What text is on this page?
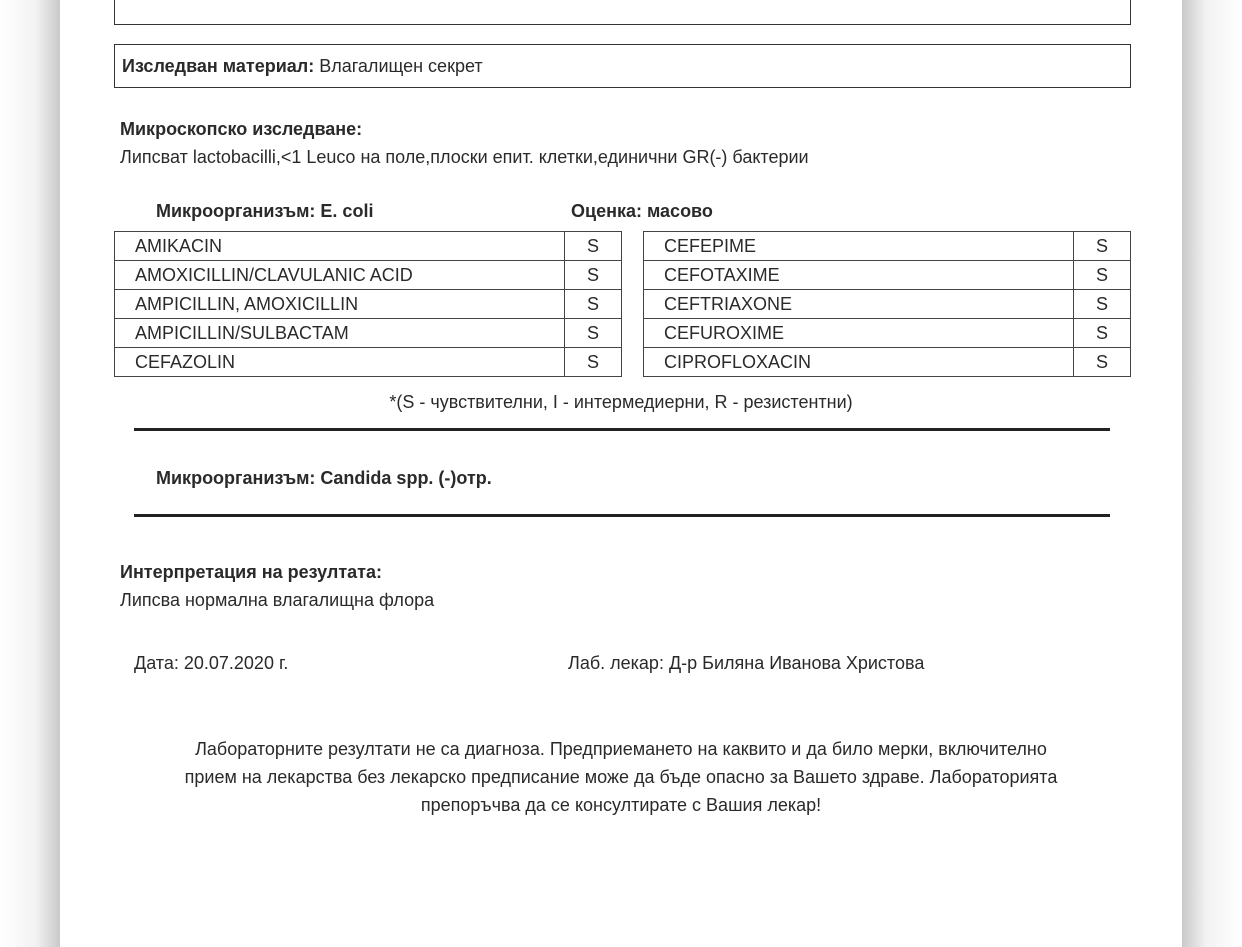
Изследван материал: Влагалищен секрет
Микроскопско изследване:
Липсват lactobacilli,<1 Leuco на поле,плоски епит. клетки,единични GR(-) бактерии
Микроорганизъм: E. coli	Оценка: масово
AMIKACIN	S
AMOXICILLIN/CLAVULANIC ACID	S
AMPICILLIN, AMOXICILLIN	S
AMPICILLIN/SULBACTAM	S
CEFAZOLIN	S
CEFEPIME	S
CEFOTAXIME	S
CEFTRIAXONE	S
CEFUROXIME	S
CIPROFLOXACIN	S
*(S - чувствителни, I - интермедиерни, R - резистентни)
Микроорганизъм: Candida spp. (-)отр.
Интерпретация на резултата:
Липсва нормална влагалищна флора
Дата: 20.07.2020 г.	Лаб. лекар: Д-р Биляна Иванова Христова
Лабораторните резултати не са диагноза. Предприемането на каквито и да било мерки, включително
прием на лекарства без лекарско предписание може да бъде опасно за Вашето здраве. Лабораторията
препоръчва да се консултирате с Вашия лекар!
